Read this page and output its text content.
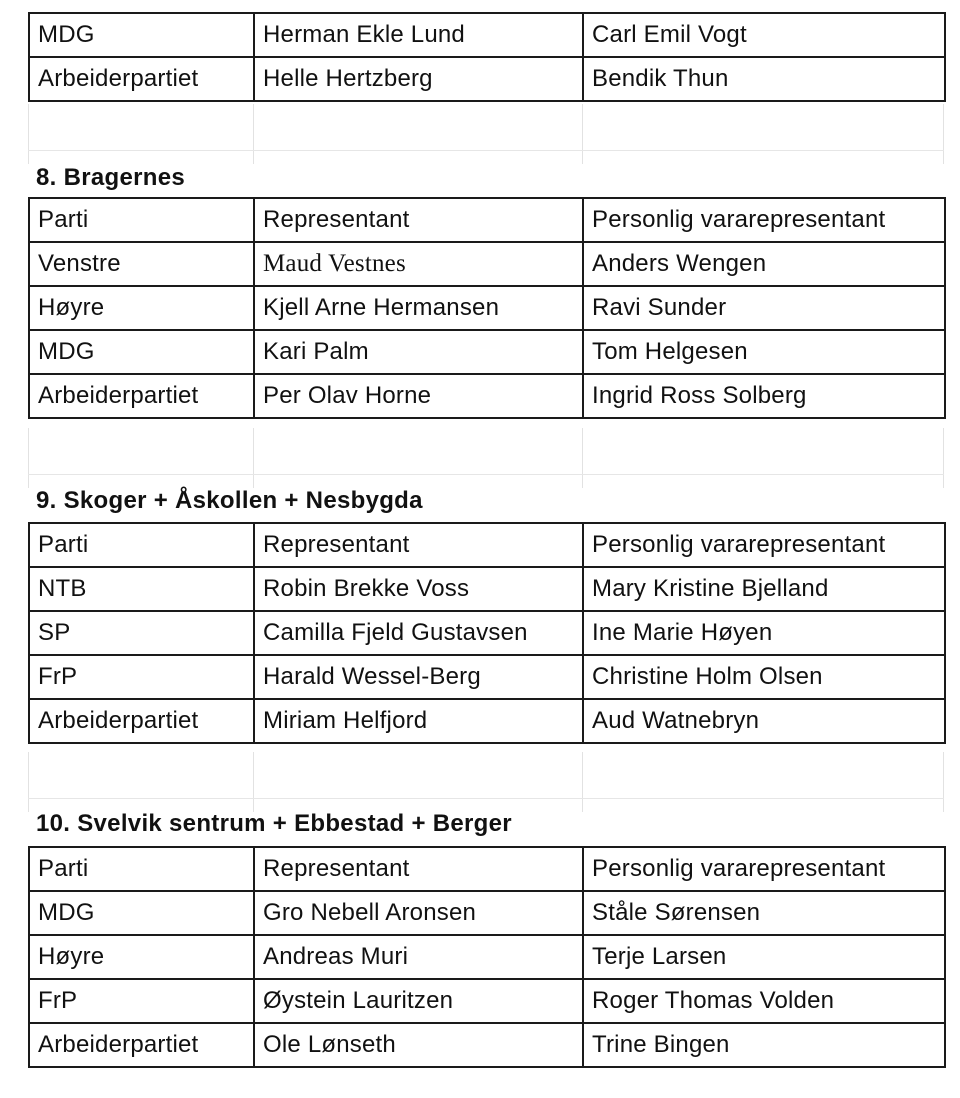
MDG	Herman Ekle Lund	Carl Emil Vogt
Arbeiderpartiet	Helle Hertzberg	Bendik Thun
8. Bragernes
Parti	Representant	Personlig vararepresentant
Venstre	Maud Vestnes	Anders Wengen
Høyre	Kjell Arne Hermansen	Ravi Sunder
MDG	Kari Palm	Tom Helgesen
Arbeiderpartiet	Per Olav Horne	Ingrid Ross Solberg
9. Skoger + Åskollen + Nesbygda
Parti	Representant	Personlig vararepresentant
NTB	Robin Brekke Voss	Mary Kristine Bjelland
SP	Camilla Fjeld Gustavsen	Ine Marie Høyen
FrP	Harald Wessel-Berg	Christine Holm Olsen
Arbeiderpartiet	Miriam Helfjord	Aud Watnebryn
10. Svelvik sentrum + Ebbestad + Berger
Parti	Representant	Personlig vararepresentant
MDG	Gro Nebell Aronsen	Ståle Sørensen
Høyre	Andreas Muri	Terje Larsen
FrP	Øystein Lauritzen	Roger Thomas Volden
Arbeiderpartiet	Ole Lønseth	Trine Bingen
